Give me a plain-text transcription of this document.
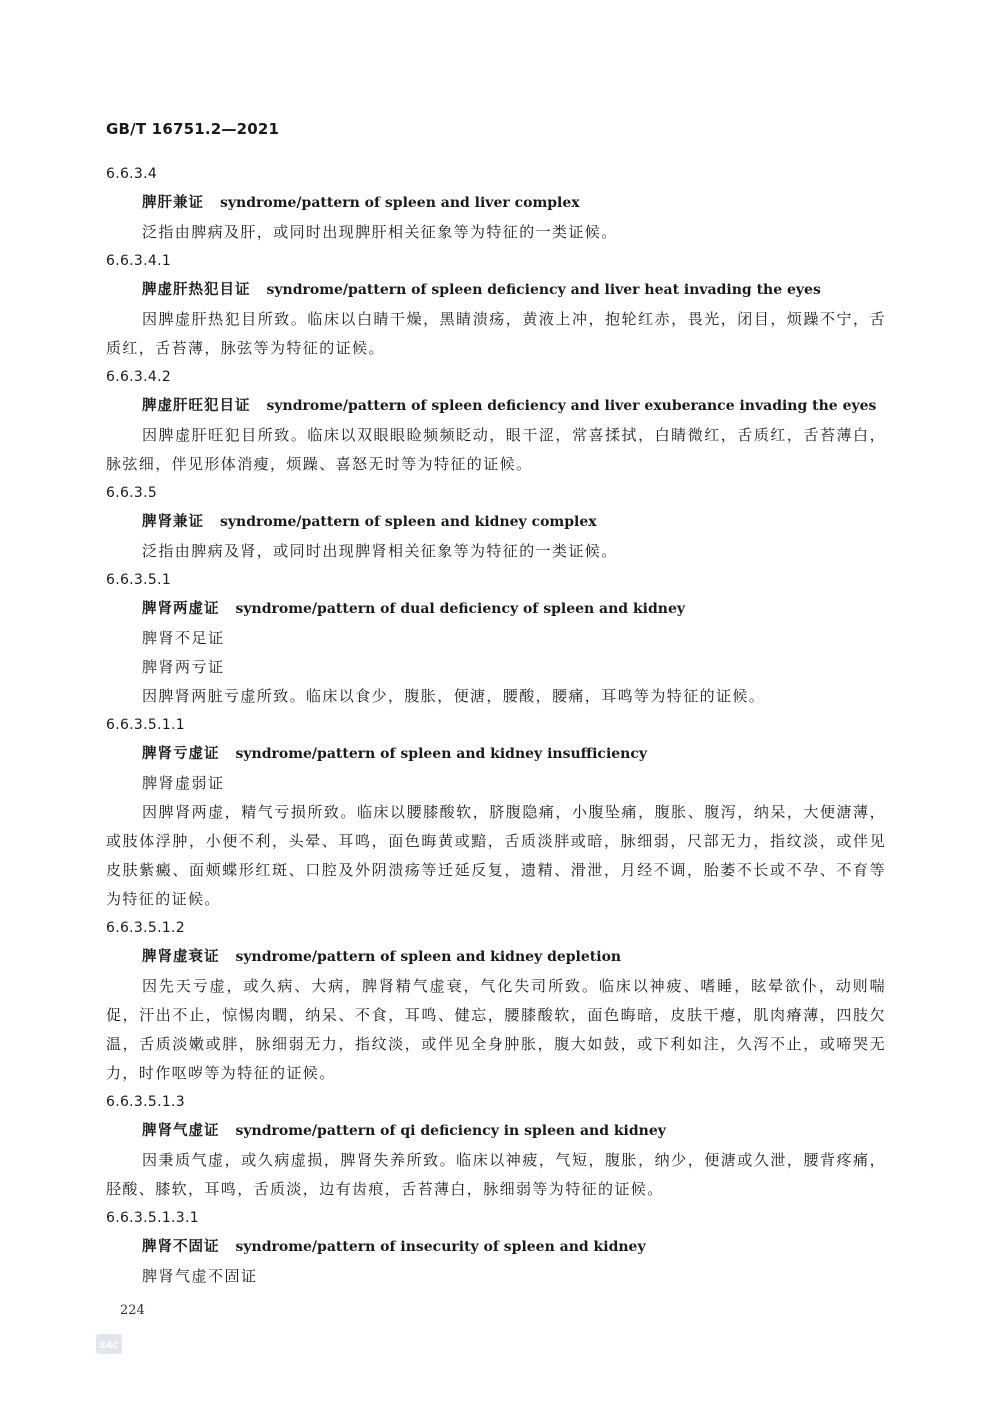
GB/T 16751.2—2021
6.6.3.4
脾肝兼证 syndrome/pattern of spleen and liver complex
泛指由脾病及肝，或同时出现脾肝相关征象等为特征的一类证候。
6.6.3.4.1
脾虚肝热犯目证 syndrome/pattern of spleen deficiency and liver heat invading the eyes
因脾虚肝热犯目所致。临床以白睛干燥，黑睛溃疡，黄液上冲，抱轮红赤，畏光，闭目，烦躁不宁，舌质红，舌苔薄，脉弦等为特征的证候。
6.6.3.4.2
脾虚肝旺犯目证 syndrome/pattern of spleen deficiency and liver exuberance invading the eyes
因脾虚肝旺犯目所致。临床以双眼眼睑频频眨动，眼干涩，常喜揉拭，白睛微红，舌质红，舌苔薄白，脉弦细，伴见形体消瘦，烦躁、喜怒无时等为特征的证候。
6.6.3.5
脾肾兼证 syndrome/pattern of spleen and kidney complex
泛指由脾病及肾，或同时出现脾肾相关征象等为特征的一类证候。
6.6.3.5.1
脾肾两虚证 syndrome/pattern of dual deficiency of spleen and kidney
脾肾不足证
脾肾两亏证
因脾肾两脏亏虚所致。临床以食少，腹胀，便溏，腰酸，腰痛，耳鸣等为特征的证候。
6.6.3.5.1.1
脾肾亏虚证 syndrome/pattern of spleen and kidney insufficiency
脾肾虚弱证
因脾肾两虚，精气亏损所致。临床以腰膝酸软，脐腹隐痛，小腹坠痛，腹胀、腹泻，纳呆，大便溏薄，或肢体浮肿，小便不利，头晕、耳鸣，面色晦黄或黯，舌质淡胖或暗，脉细弱，尺部无力，指纹淡，或伴见皮肤紫癜、面颊蝶形红斑、口腔及外阴溃疡等迁延反复，遗精、滑泄，月经不调，胎萎不长或不孕、不育等为特征的证候。
6.6.3.5.1.2
脾肾虚衰证 syndrome/pattern of spleen and kidney depletion
因先天亏虚，或久病、大病，脾肾精气虚衰，气化失司所致。临床以神疲、嗜睡，眩晕欲仆，动则喘促，汗出不止，惊惕肉瞤，纳呆、不食，耳鸣、健忘，腰膝酸软，面色晦暗，皮肤干瘪，肌肉瘠薄，四肢欠温，舌质淡嫩或胖，脉细弱无力，指纹淡，或伴见全身肿胀，腹大如鼓，或下利如注，久泻不止，或啼哭无力，时作呕哕等为特征的证候。
6.6.3.5.1.3
脾肾气虚证 syndrome/pattern of qi deficiency in spleen and kidney
因秉质气虚，或久病虚损，脾肾失养所致。临床以神疲，气短，腹胀，纳少，便溏或久泄，腰背疼痛，胫酸、膝软，耳鸣，舌质淡，边有齿痕，舌苔薄白，脉细弱等为特征的证候。
6.6.3.5.1.3.1
脾肾不固证 syndrome/pattern of insecurity of spleen and kidney
脾肾气虚不固证
224
SAC
